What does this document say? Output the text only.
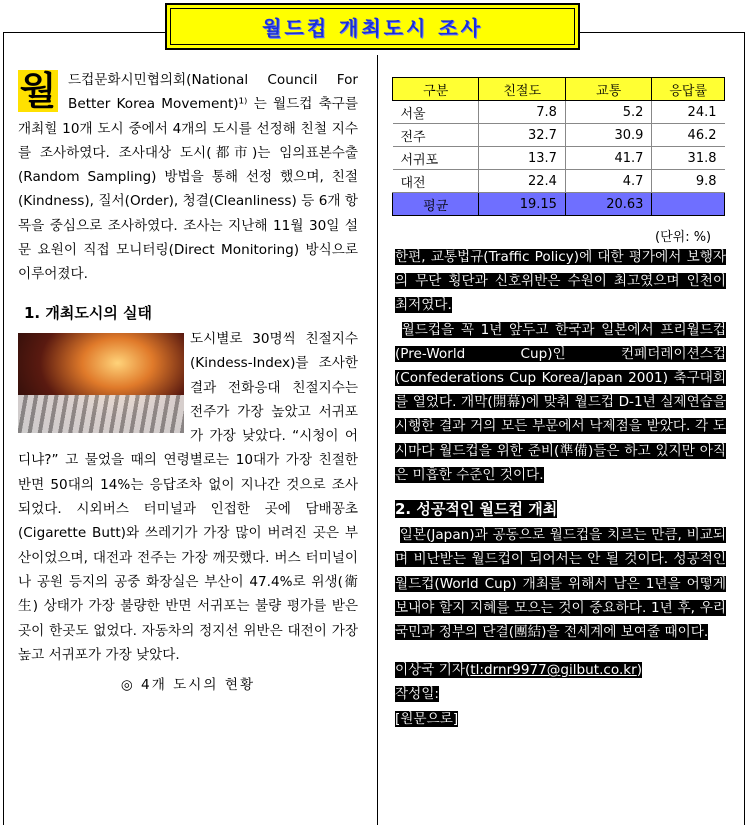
월드컵 개최도시 조사

월 드컵문화시민협의회(National Council For Better Korea Movement)¹⁾ 는 월드컵 축구를 개최힐 10개 도시 중에서 4개의 도시를 선정해 친철 지수를 조사하였다. 조사대상 도시(都市)는 임의표본수출(Random Sampling) 방법을 통해 선정 했으며, 친절(Kindness), 질서(Order), 청결(Cleanliness) 등 6개 항목을 중심으로 조사하였다. 조사는 지난해 11월 30일 설문 요원이 직접 모니터링(Direct Monitoring) 방식으로 이루어졌다.

1. 개최도시의 실태

도시별로 30명씩 친절지수(Kindess-Index)를 조사한 결과 전화응대 친절지수는 전주가 가장 높았고 서귀포가 가장 낮았다. “시청이 어디냐?” 고 물었을 때의 연령별로는 10대가 가장 친절한 반면 50대의 14%는 응답조차 없이 지나간 것으로 조사되었다. 시외버스 터미널과 인접한 곳에 담배꽁초(Cigarette Butt)와 쓰레기가 가장 많이 버려진 곳은 부산이었으며, 대전과 전주는 가장 깨끗했다. 버스 터미널이나 공원 등지의 공중 화장실은 부산이 47.4%로 위생(衛生) 상태가 가장 불량한 반면 서귀포는 불량 평가를 받은 곳이 한곳도 없었다. 자동차의 정지선 위반은 대전이 가장 높고 서귀포가 가장 낮았다.

◎ 4개 도시의 현황
구분	친절도	교통	응답률
서울	7.8	5.2	24.1
전주	32.7	30.9	46.2
서귀포	13.7	41.7	31.8
대전	22.4	4.7	9.8
평균	19.15	20.63	
(단위: %)

한편, 교통법규(Traffic Policy)에 대한 평가에서 보행자의 무단 횡단과 신호위반은 수원이 최고였으며 인천이 최저였다.

월드컵을 꼭 1년 앞두고 한국과 일본에서 프리월드컵(Pre-World Cup)인 컨페더레이션스컵(Confederations Cup Korea/Japan 2001) 축구대회를 열었다. 개막(開幕)에 맞춰 월드컵 D-1년 실제연습을 시행한 결과 거의 모든 부문에서 낙제점을 받았다. 각 도시마다 월드컵을 위한 준비(準備)들은 하고 있지만 아직은 미흡한 수준인 것이다.

2. 성공적인 월드컵 개최

일본(Japan)과 공동으로 월드컵을 치르는 만큼, 비교되며 비난받는 월드컵이 되어서는 안 될 것이다. 성공적인 월드컵(World Cup) 개최를 위해서 남은 1년을 어떻게 보내야 할지 지혜를 모으는 것이 중요하다. 1년 후, 우리 국민과 정부의 단결(團結)을 전세계에 보여줄 때이다.

이상국 기자(tl:drnr9977@gilbut.co.kr)
작성일:
[원문으로]
